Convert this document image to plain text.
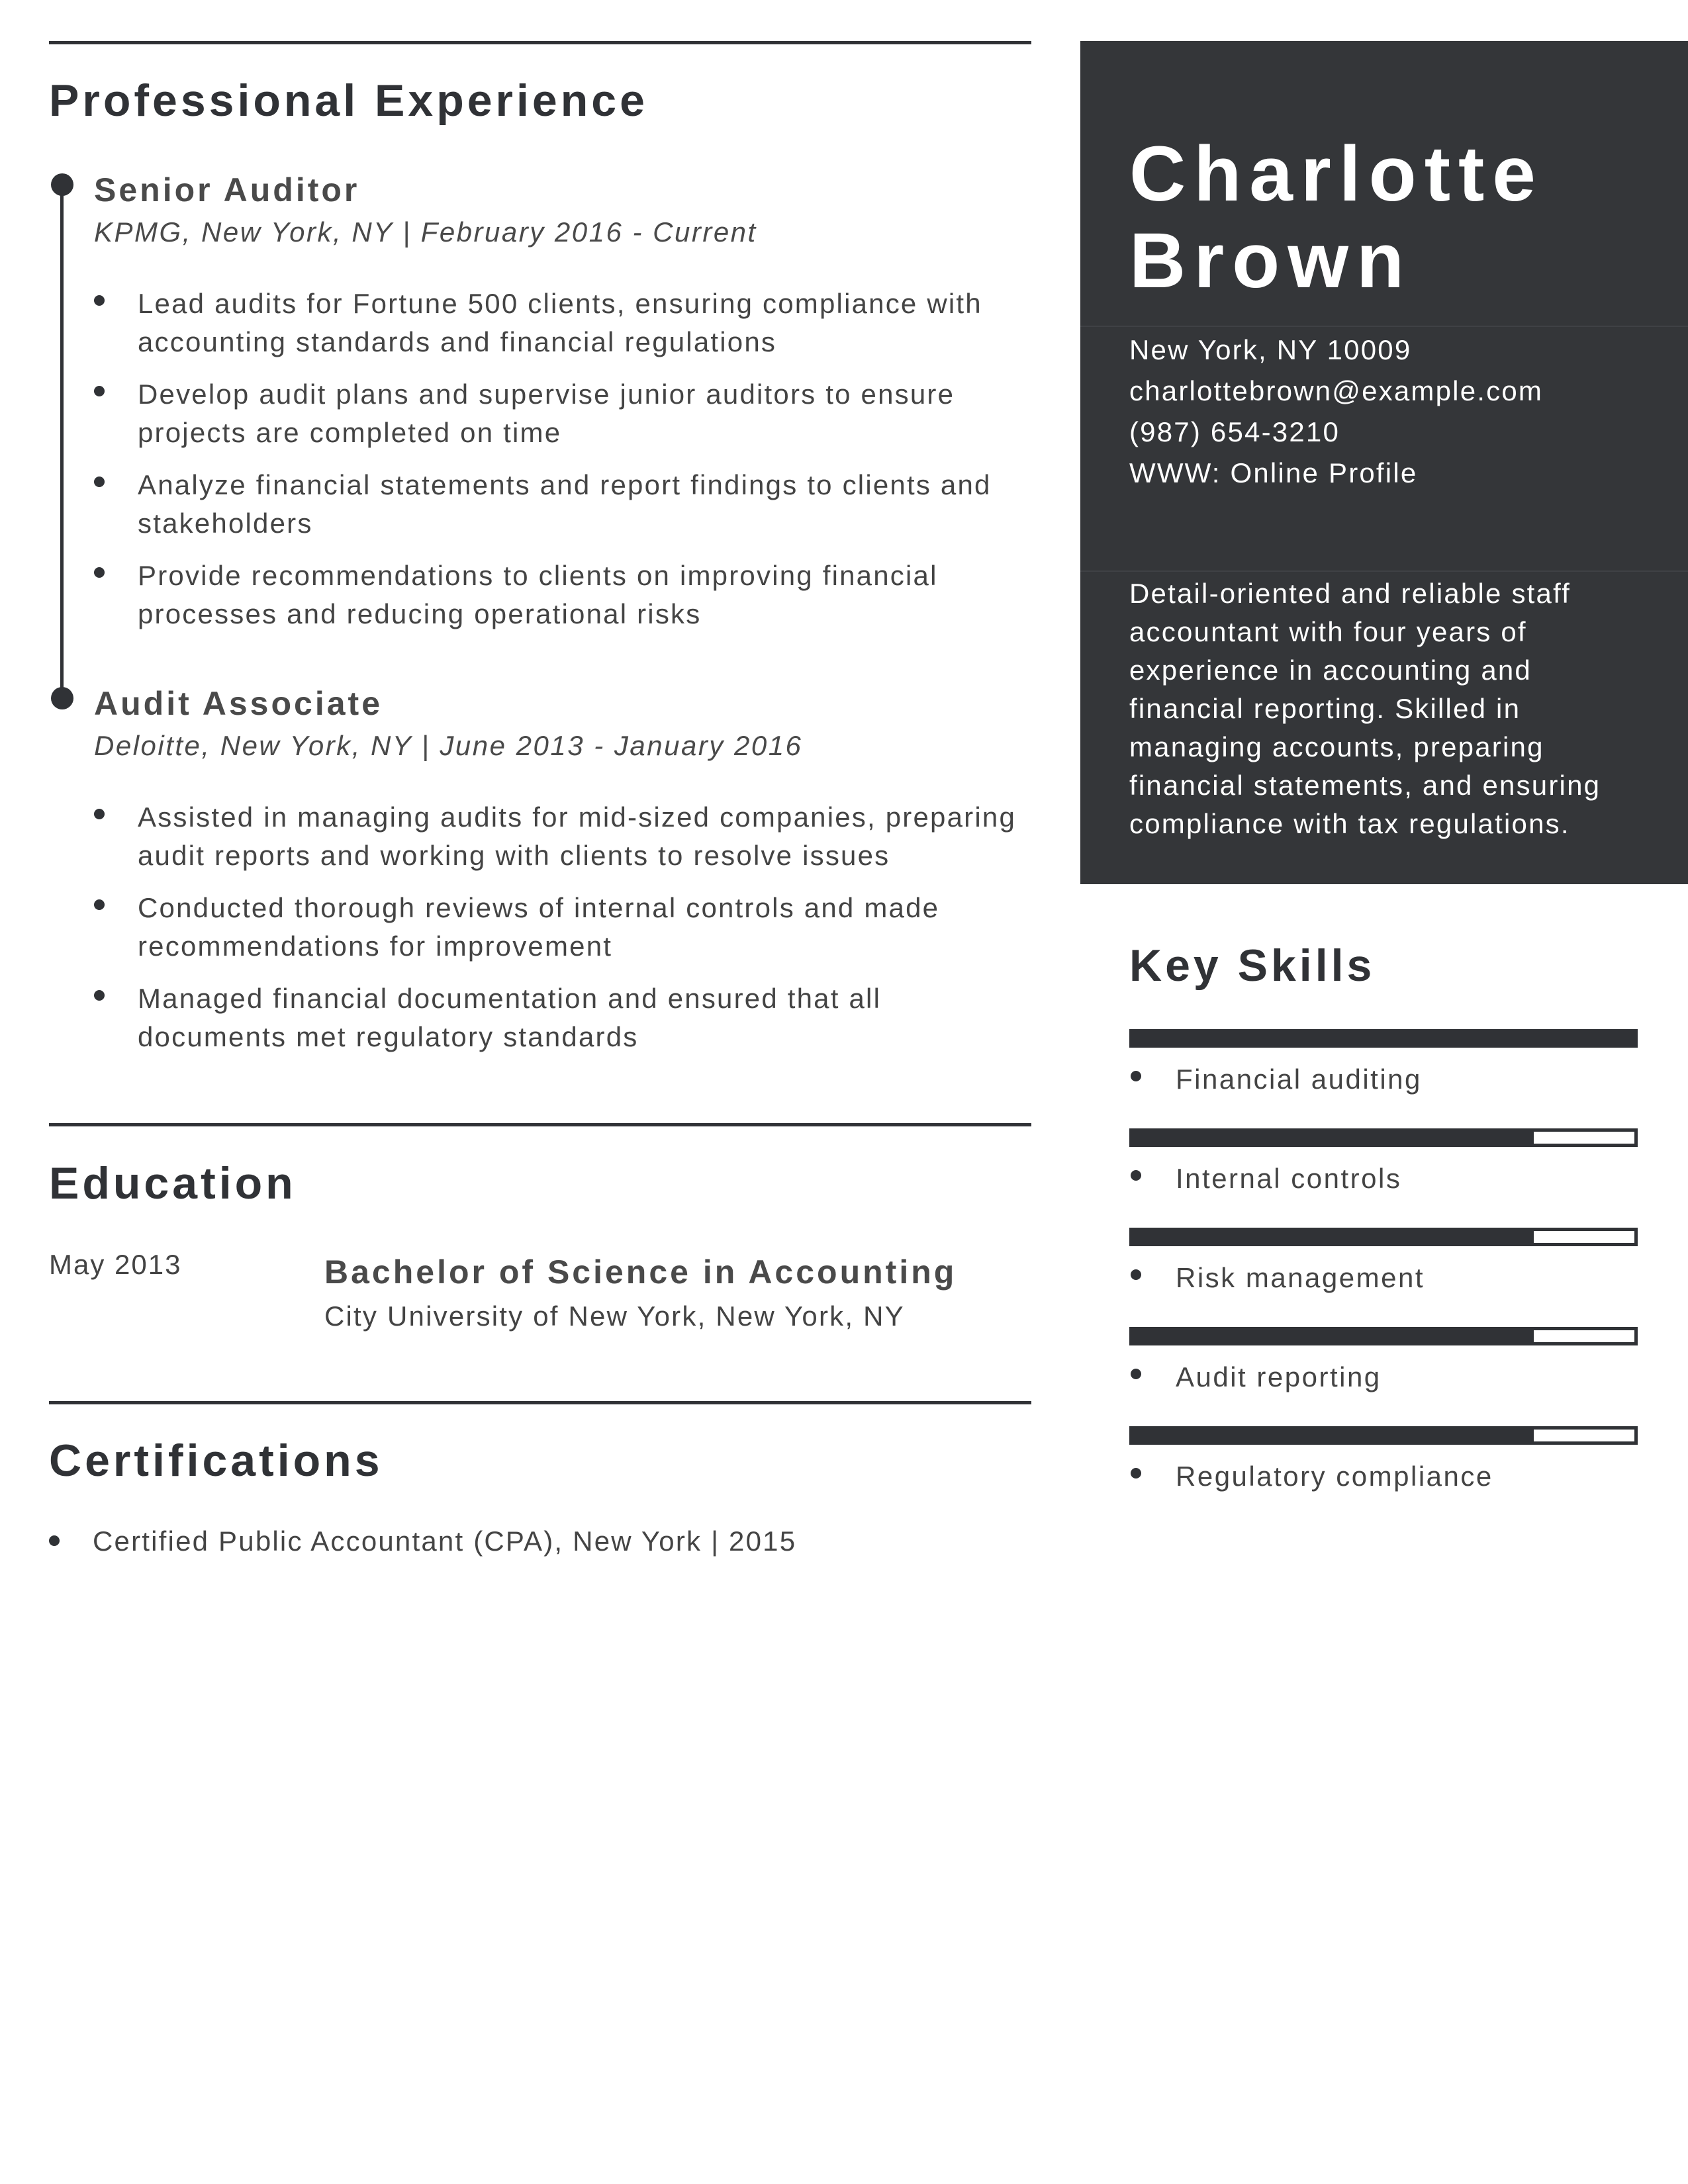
Professional Experience
Senior Auditor

KPMG, New York, NY | February 2016 - Current

Lead audits for Fortune 500 clients, ensuring compliance with accounting standards and financial regulations
Develop audit plans and supervise junior auditors to ensure projects are completed on time
Analyze financial statements and report findings to clients and stakeholders
Provide recommendations to clients on improving financial processes and reducing operational risks
Audit Associate

Deloitte, New York, NY | June 2013 - January 2016

Assisted in managing audits for mid-sized companies, preparing audit reports and working with clients to resolve issues
Conducted thorough reviews of internal controls and made recommendations for improvement
Managed financial documentation and ensured that all documents met regulatory standards
Education
May 2013	Bachelor of Science in Accounting
City University of New York, New York, NY
Certifications
Certified Public Accountant (CPA), New York | 2015
Charlotte
Brown
New York, NY 10009
charlottebrown@example.com
(987) 654-3210
WWW: Online Profile
Detail-oriented and reliable staff accountant with four years of experience in accounting and financial reporting. Skilled in managing accounts, preparing financial statements, and ensuring compliance with tax regulations.
Key Skills
Financial auditing
Internal controls
Risk management
Audit reporting
Regulatory compliance
